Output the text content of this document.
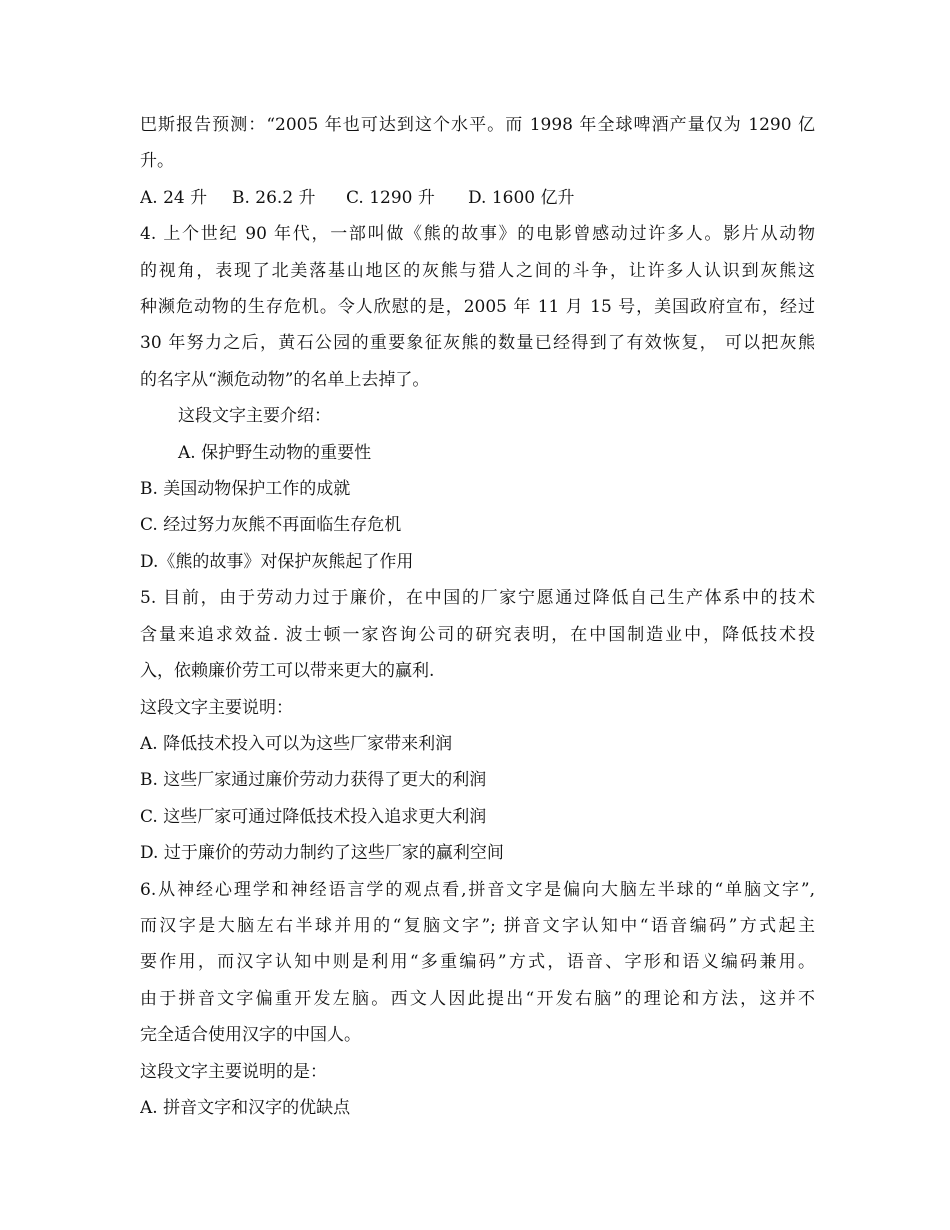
巴斯报告预测：“2005 年也可达到这个水平。而 1998 年全球啤酒产量仅为 1290 亿

升。

A. 24 升	B. 26.2 升	C. 1290 升	D. 1600 亿升

4. 上个世纪 90 年代，一部叫做《熊的故事》的电影曾感动过许多人。影片从动物

的视角，表现了北美落基山地区的灰熊与猎人之间的斗争，让许多人认识到灰熊这

种濒危动物的生存危机。令人欣慰的是，2005 年 11 月 15 号，美国政府宣布，经过

30 年努力之后，黄石公园的重要象征灰熊的数量已经得到了有效恢复， 可以把灰熊

的名字从“濒危动物”的名单上去掉了。

这段文字主要介绍：

A. 保护野生动物的重要性

B. 美国动物保护工作的成就

C. 经过努力灰熊不再面临生存危机

D.《熊的故事》对保护灰熊起了作用

5. 目前，由于劳动力过于廉价，在中国的厂家宁愿通过降低自己生产体系中的技术

含量来追求效益. 波士顿一家咨询公司的研究表明，在中国制造业中，降低技术投

入，依赖廉价劳工可以带来更大的赢利.

这段文字主要说明：

A. 降低技术投入可以为这些厂家带来利润

B. 这些厂家通过廉价劳动力获得了更大的利润

C. 这些厂家可通过降低技术投入追求更大利润

D. 过于廉价的劳动力制约了这些厂家的赢利空间

6.从神经心理学和神经语言学的观点看,拼音文字是偏向大脑左半球的“单脑文字”,

而汉字是大脑左右半球并用的“复脑文字”; 拼音文字认知中“语音编码”方式起主

要作用，而汉字认知中则是利用“多重编码”方式，语音、字形和语义编码兼用。

由于拼音文字偏重开发左脑。西文人因此提出“开发右脑”的理论和方法，这并不

完全适合使用汉字的中国人。

这段文字主要说明的是：

A. 拼音文字和汉字的优缺点
